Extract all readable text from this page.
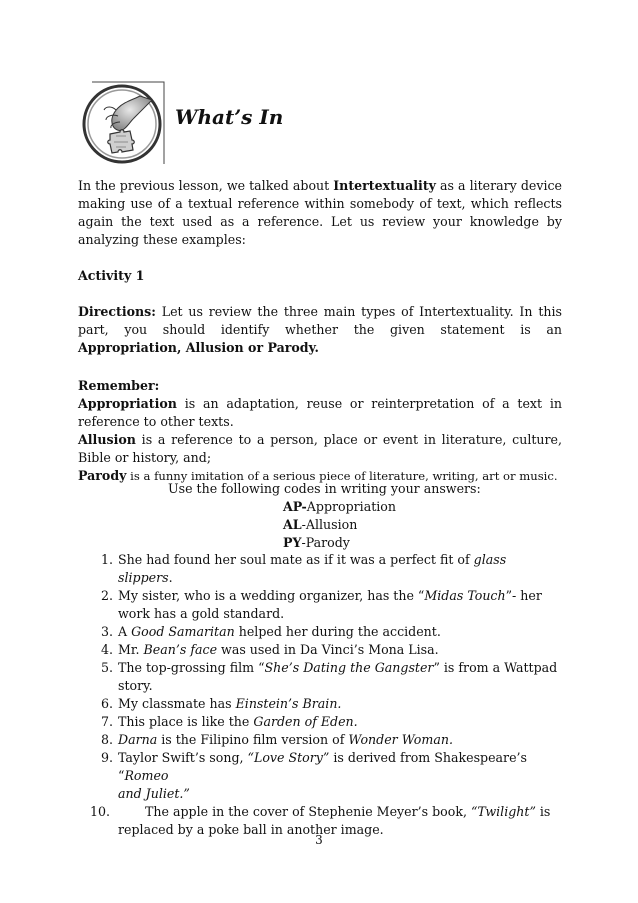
What’s In
In the previous lesson, we talked about Intertextuality as a literary device making use of a textual reference within somebody of text, which reflects again the text used as a reference. Let us review your knowledge by analyzing these examples:
Activity 1
Directions: Let us review the three main types of Intertextuality. In this part, you should identify whether the given statement is an Appropriation, Allusion or Parody.
Remember:
Appropriation is an adaptation, reuse or reinterpretation of a text in reference to other texts.
Allusion is a reference to a person, place or event in literature, culture, Bible or history, and;
Parody is a funny imitation of a serious piece of literature, writing, art or music.
Use the following codes in writing your answers:
AP-Appropriation
AL-Allusion
PY-Parody
1. She had found her soul mate as if it was a perfect fit of glass slippers.
2. My sister, who is a wedding organizer, has the “Midas Touch”- her
work has a gold standard.
3. A Good Samaritan helped her during the accident.
4. Mr. Bean’s face was used in Da Vinci’s Mona Lisa.
5. The top-grossing film “She’s Dating the Gangster” is from a Wattpad
story.
6. My classmate has Einstein’s Brain.
7. This place is like the Garden of Eden.
8. Darna is the Filipino film version of Wonder Woman.
9. Taylor Swift’s song, “Love Story” is derived from Shakespeare’s “Romeo
and Juliet.”
10.	The apple in the cover of Stephenie Meyer’s book, “Twilight” is
replaced by a poke ball in another image.
3
